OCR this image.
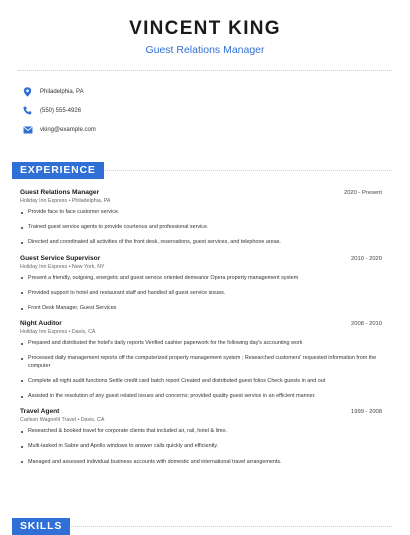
VINCENT KING
Guest Relations Manager
Philadelphia, PA
(550) 555-4926
vking@example.com
EXPERIENCE
Guest Relations Manager	2020 - Present
Holiday Inn Express • Philadelphia, PA
Provide face to face customer service.
Trained guest service agents to provide courteous and professional service.
Directed and coordinated all activities of the front desk, reservations, guest services, and telephone areas.
Guest Service Supervisor	2010 - 2020
Holiday Inn Express • New York, NY
Present a friendly, outgoing, energetic and guest service oriented demeanor Opera property management system
Provided support to hotel and restaurant staff and handled all guest service issues.
Front Desk Manager, Guest Services
Night Auditor	2008 - 2010
Holiday Inn Express • Davis, CA
Prepared and distributed the hotel's daily reports Verified cashier paperwork for the following day's accounting work
Processed daily management reports off the computerized property management system ; Researched customers' requested information from the computer
Complete all night audit functions Settle credit card batch report Created and distributed guest folios Check guests in and out
Assisted in the resolution of any guest related issues and concerns; provided quality guest service in an efficient manner.
Travel Agent	1999 - 2008
Carlson Wagonlit Travel • Davis, CA
Researched & booked travel for corporate clients that included air, rail, hotel & limo.
Multi-tasked in Sabre and Apollo windows to answer calls quickly and efficiently.
Managed and assessed individual business accounts with domestic and international travel arrangements.
SKILLS
